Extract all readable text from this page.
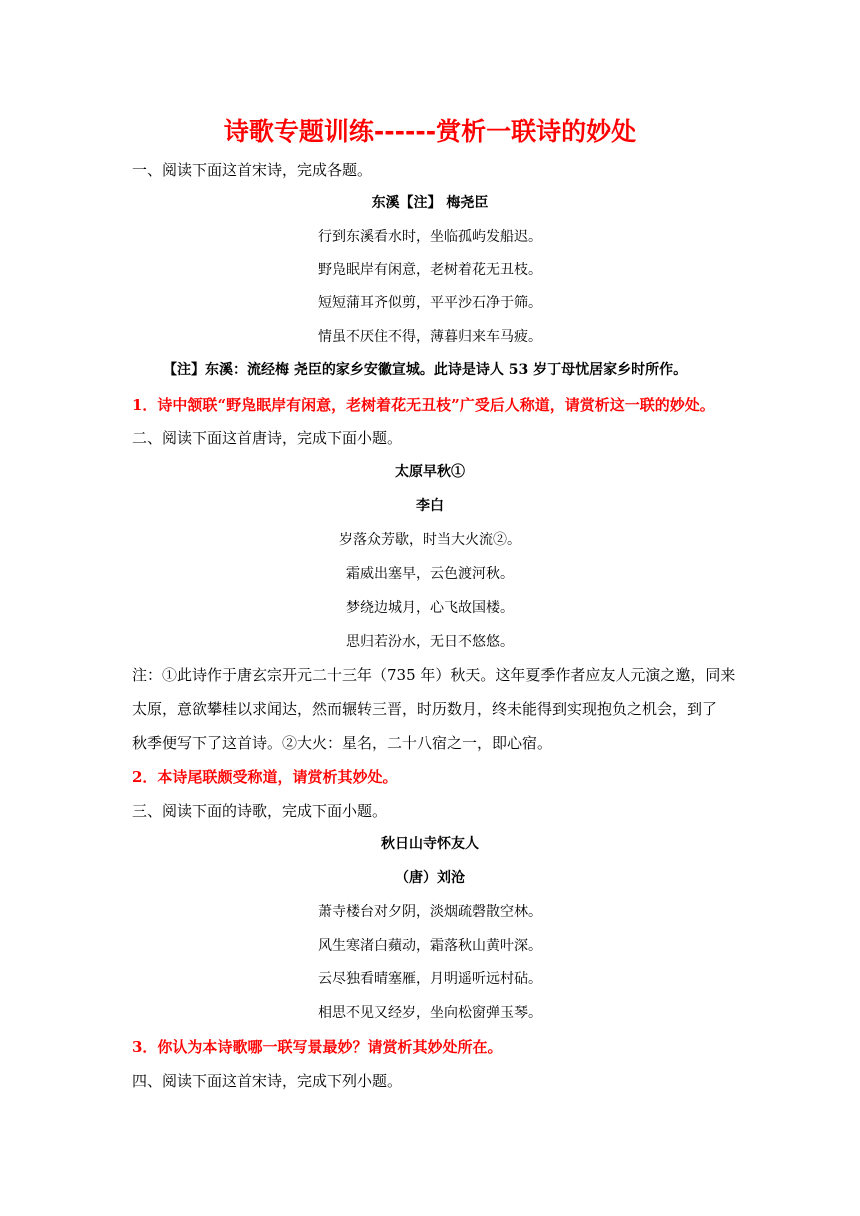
诗歌专题训练------赏析一联诗的妙处
一、阅读下面这首宋诗，完成各题。
东溪【注】 梅尧臣
行到东溪看水时，坐临孤屿发船迟。
野凫眠岸有闲意，老树着花无丑枝。
短短蒲耳齐似剪，平平沙石净于筛。
情虽不厌住不得，薄暮归来车马疲。
【注】东溪：流经梅 尧臣的家乡安徽宣城。此诗是诗人 53 岁丁母忧居家乡时所作。
1．诗中颔联“野凫眠岸有闲意，老树着花无丑枝”广受后人称道，请赏析这一联的妙处。
二、阅读下面这首唐诗，完成下面小题。
太原早秋①
李白
岁落众芳歇，时当大火流②。
霜威出塞早，云色渡河秋。
梦绕边城月，心飞故国楼。
思归若汾水，无日不悠悠。
注：①此诗作于唐玄宗开元二十三年（735 年）秋天。这年夏季作者应友人元演之邀，同来
太原，意欲攀桂以求闻达，然而辗转三晋，时历数月，终未能得到实现抱负之机会，到了
秋季便写下了这首诗。②大火：星名，二十八宿之一，即心宿。
2．本诗尾联颇受称道，请赏析其妙处。
三、阅读下面的诗歌，完成下面小题。
秋日山寺怀友人
（唐）刘沧
萧寺楼台对夕阴，淡烟疏磬散空林。
风生寒渚白蘋动，霜落秋山黄叶深。
云尽独看晴塞雁，月明遥听远村砧。
相思不见又经岁，坐向松窗弹玉琴。
3．你认为本诗歌哪一联写景最妙？请赏析其妙处所在。
四、阅读下面这首宋诗，完成下列小题。
